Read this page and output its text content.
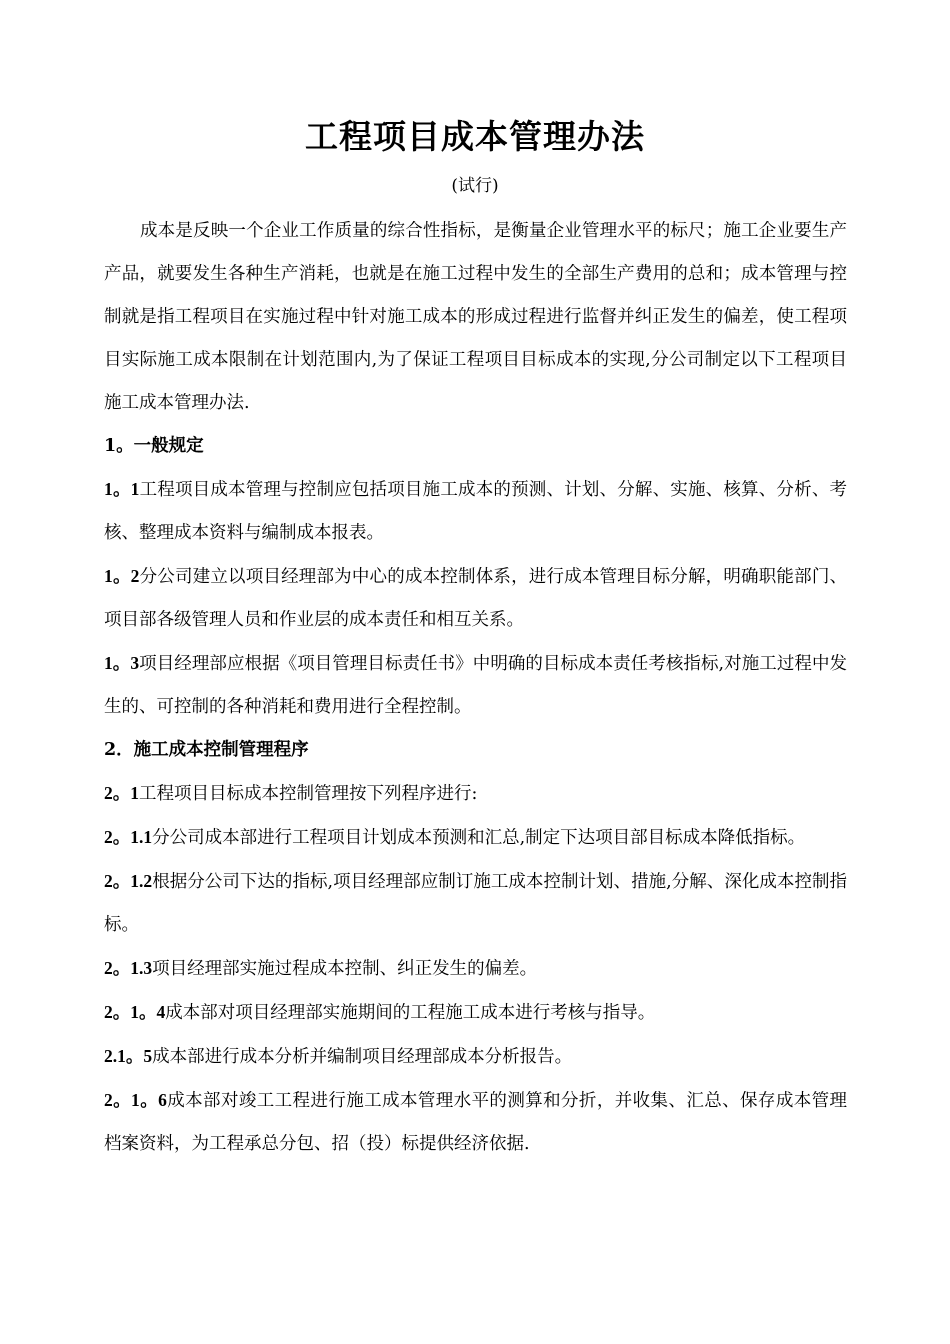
工程项目成本管理办法
(试行)

成本是反映一个企业工作质量的综合性指标，是衡量企业管理水平的标尺；施工企业要生产产品，就要发生各种生产消耗，也就是在施工过程中发生的全部生产费用的总和；成本管理与控制就是指工程项目在实施过程中针对施工成本的形成过程进行监督并纠正发生的偏差，使工程项目实际施工成本限制在计划范围内,为了保证工程项目目标成本的实现,分公司制定以下工程项目施工成本管理办法.

1。一般规定

1。1工程项目成本管理与控制应包括项目施工成本的预测、计划、分解、实施、核算、分析、考核、整理成本资料与编制成本报表。

1。2分公司建立以项目经理部为中心的成本控制体系，进行成本管理目标分解，明确职能部门、项目部各级管理人员和作业层的成本责任和相互关系。

1。3项目经理部应根据《项目管理目标责任书》中明确的目标成本责任考核指标,对施工过程中发生的、可控制的各种消耗和费用进行全程控制。

2．施工成本控制管理程序

2。1工程项目目标成本控制管理按下列程序进行:

2。1.1分公司成本部进行工程项目计划成本预测和汇总,制定下达项目部目标成本降低指标。

2。1.2根据分公司下达的指标,项目经理部应制订施工成本控制计划、措施,分解、深化成本控制指标。

2。1.3项目经理部实施过程成本控制、纠正发生的偏差。

2。1。4成本部对项目经理部实施期间的工程施工成本进行考核与指导。

2.1。5成本部进行成本分析并编制项目经理部成本分析报告。

2。1。6成本部对竣工工程进行施工成本管理水平的测算和分折，并收集、汇总、保存成本管理档案资料，为工程承总分包、招（投）标提供经济依据.
